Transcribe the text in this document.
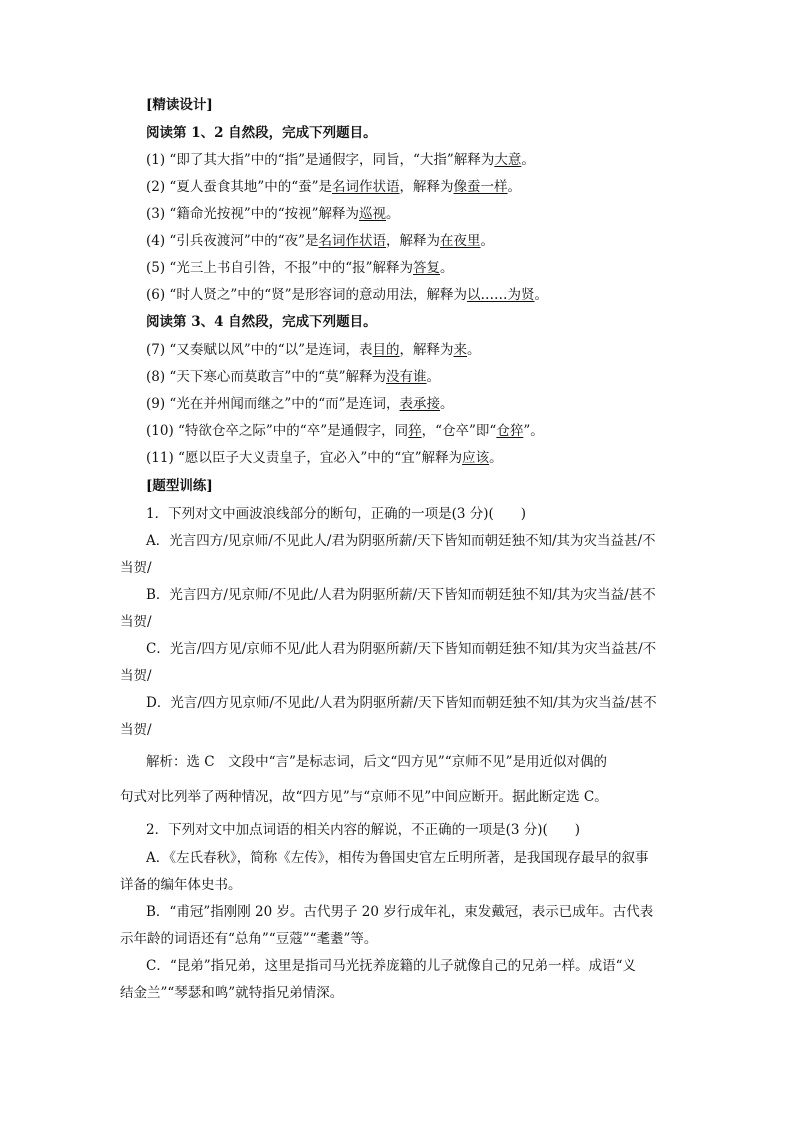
[精读设计]
阅读第 1、2 自然段，完成下列题目。
(1) “即了其大指”中的“指”是通假字，同旨，“大指”解释为大意。
(2) “夏人蚕食其地”中的“蚕”是名词作状语，解释为像蚕一样。
(3) “籍命光按视”中的“按视”解释为巡视。
(4) “引兵夜渡河”中的“夜”是名词作状语，解释为在夜里。
(5) “光三上书自引咎，不报”中的“报”解释为答复。
(6) “时人贤之”中的“贤”是形容词的意动用法，解释为以……为贤。
阅读第 3、4 自然段，完成下列题目。
(7) “又奏赋以风”中的“以”是连词，表目的，解释为来。
(8) “天下寒心而莫敢言”中的“莫”解释为没有谁。
(9) “光在并州闻而继之”中的“而”是连词，表承接。
(10) “特欲仓卒之际”中的“卒”是通假字，同猝，“仓卒”即“仓猝”。
(11) “愿以臣子大义责皇子，宜必入”中的“宜”解释为应该。
[题型训练]
1．下列对文中画波浪线部分的断句，正确的一项是(3 分)(　　)
A．光言四方/见京师/不见此人/君为阴驱所薪/天下皆知而朝廷独不知/其为灾当益甚/不
当贺/
B．光言四方/见京师/不见此/人君为阴驱所薪/天下皆知而朝廷独不知/其为灾当益/甚不
当贺/
C．光言/四方见/京师不见/此人君为阴驱所薪/天下皆知而朝廷独不知/其为灾当益甚/不
当贺/
D．光言/四方见京师/不见此/人君为阴驱所薪/天下皆知而朝廷独不知/其为灾当益/甚不
当贺/
解析：选 C　文段中“言”是标志词，后文“四方见”“京师不见”是用近似对偶的
句式对比列举了两种情况，故“四方见”与“京师不见”中间应断开。据此断定选 C。
2．下列对文中加点词语的相关内容的解说，不正确的一项是(3 分)(　　)
A．《左氏春秋》，简称《左传》，相传为鲁国史官左丘明所著，是我国现存最早的叙事
详备的编年体史书。
B．“甫冠”指刚刚 20 岁。古代男子 20 岁行成年礼，束发戴冠，表示已成年。古代表
示年龄的词语还有“总角”“豆蔻”“耄耋”等。
C．“昆弟”指兄弟，这里是指司马光抚养庞籍的儿子就像自己的兄弟一样。成语“义
结金兰”“琴瑟和鸣”就特指兄弟情深。
